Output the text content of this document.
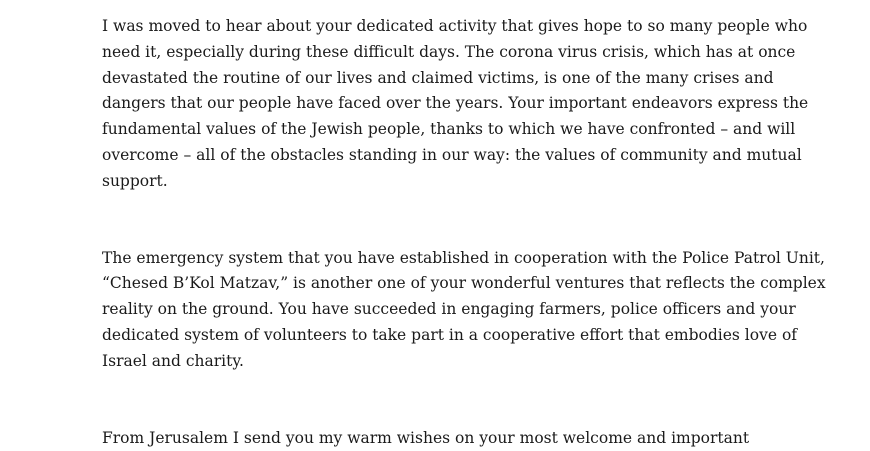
I was moved to hear about your dedicated activity that gives hope to so many people who
need it, especially during these difficult days. The corona virus crisis, which has at once
devastated the routine of our lives and claimed victims, is one of the many crises and
dangers that our people have faced over the years. Your important endeavors express the
fundamental values of the Jewish people, thanks to which we have confronted – and will
overcome – all of the obstacles standing in our way: the values of community and mutual
support.

The emergency system that you have established in cooperation with the Police Patrol Unit,
“Chesed B’Kol Matzav,” is another one of your wonderful ventures that reflects the complex
reality on the ground. You have succeeded in engaging farmers, police officers and your
dedicated system of volunteers to take part in a cooperative effort that embodies love of
Israel and charity.

From Jerusalem I send you my warm wishes on your most welcome and important
